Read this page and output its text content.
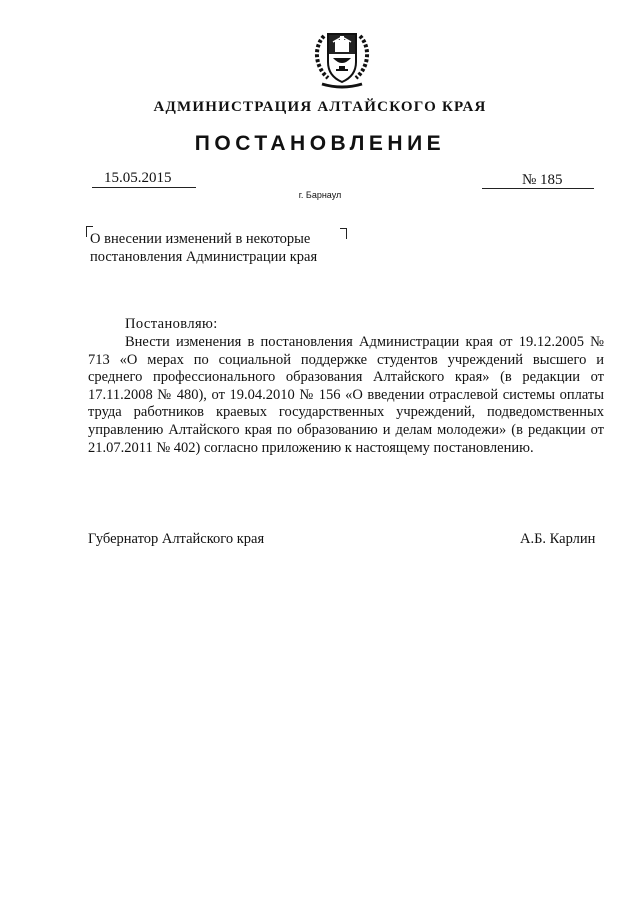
АДМИНИСТРАЦИЯ АЛТАЙСКОГО КРАЯ
ПОСТАНОВЛЕНИЕ
15.05.2015	№ 185
г. Барнаул
О внесении изменений в некоторые
постановления Администрации края
Постановляю:
Внести изменения в постановления Администрации края от 19.12.2005 № 713 «О мерах по социальной поддержке студентов учреждений высшего и среднего профессионального образования Алтайского края» (в редакции от 17.11.2008 № 480), от 19.04.2010 № 156 «О введении отраслевой системы оплаты труда работников краевых государственных учреждений, подведомственных управлению Алтайского края по образованию и делам молодежи» (в редакции от 21.07.2011 № 402) согласно приложению к настоящему постановлению.
Губернатор Алтайского края	А.Б. Карлин
